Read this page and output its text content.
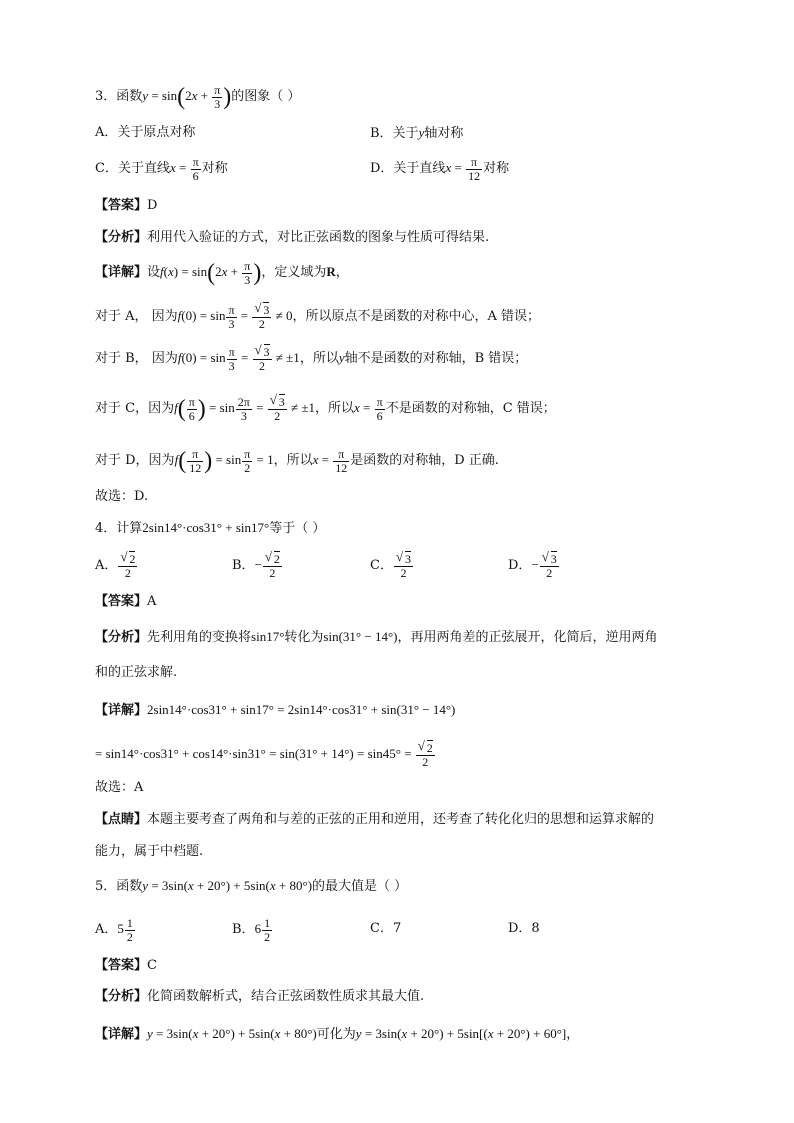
3．函数$y = \sin(2x + \frac{\pi}{3}$ )的图象（ ）
A．关于原点对称	B．关于y轴对称
C．关于直线$x = \frac{\pi}{6}$ 对称	D．关于直线$x = \frac{\pi}{12}$ 对称
【答案】D
【分析】利用代入验证的方式，对比正弦函数的图象与性质可得结果.
【详解】设$f(x) = \sin(2x + \frac{\pi}{3}$ )，定义域为R，
对于 A， 因为$f(0) = \sin \frac{\pi}{3}$ = √ $\frac{3}{2} \ne 0$，所以原点不是函数的对称中心，A 错误；
对于 B， 因为$f(0) = \sin \frac{\pi}{3}$ = √ $\frac{3}{2} \ne \pm 1$，所以y轴不是函数的对称轴，B 错误；
对于 C，因为$f( \frac{\pi}{6}$ ) = $\sin \frac{2\pi}{3}$ = √ $\frac{3}{2} \ne \pm 1$，所以$x = \frac{\pi}{6}$ 不是函数的对称轴，C 错误；
对于 D，因为$f( \frac{\pi}{12}$ ) = $\sin \frac{\pi}{2} = 1$，所以$x = \frac{\pi}{12}$ 是函数的对称轴，D 正确.
故选：D.
4．计算2sin14°·cos31° + sin17°等于（ ）
A． √ $\frac{2}{2}$	B．− √ $\frac{2}{2}$	C． √ $\frac{3}{2}$	D．− √ $\frac{3}{2}$
【答案】A
【分析】先利用角的变换将sin17°转化为sin(31° − 14°)，再用两角差的正弦展开，化简后，逆用两角
和的正弦求解.
【详解】2sin14°·cos31° + sin17° = 2sin14°·cos31° + sin(31° − 14°)
= sin14°·cos31° + cos14°·sin31° = sin(31° + 14°) = sin45° = √ $\frac{2}{2}$
故选：A
【点睛】本题主要考查了两角和与差的正弦的正用和逆用，还考查了转化化归的思想和运算求解的
能力，属于中档题.
5．函数y = 3sin(x + 20°) + 5sin(x + 80°)的最大值是（ ）
A．$5 \frac{1}{2}$	B．$6 \frac{1}{2}$	C．7	D．8
【答案】C
【分析】化简函数解析式，结合正弦函数性质求其最大值.
【详解】y = 3sin(x + 20°) + 5sin(x + 80°)可化为y = 3sin(x + 20°) + 5sin[(x + 20°) + 60°]，
